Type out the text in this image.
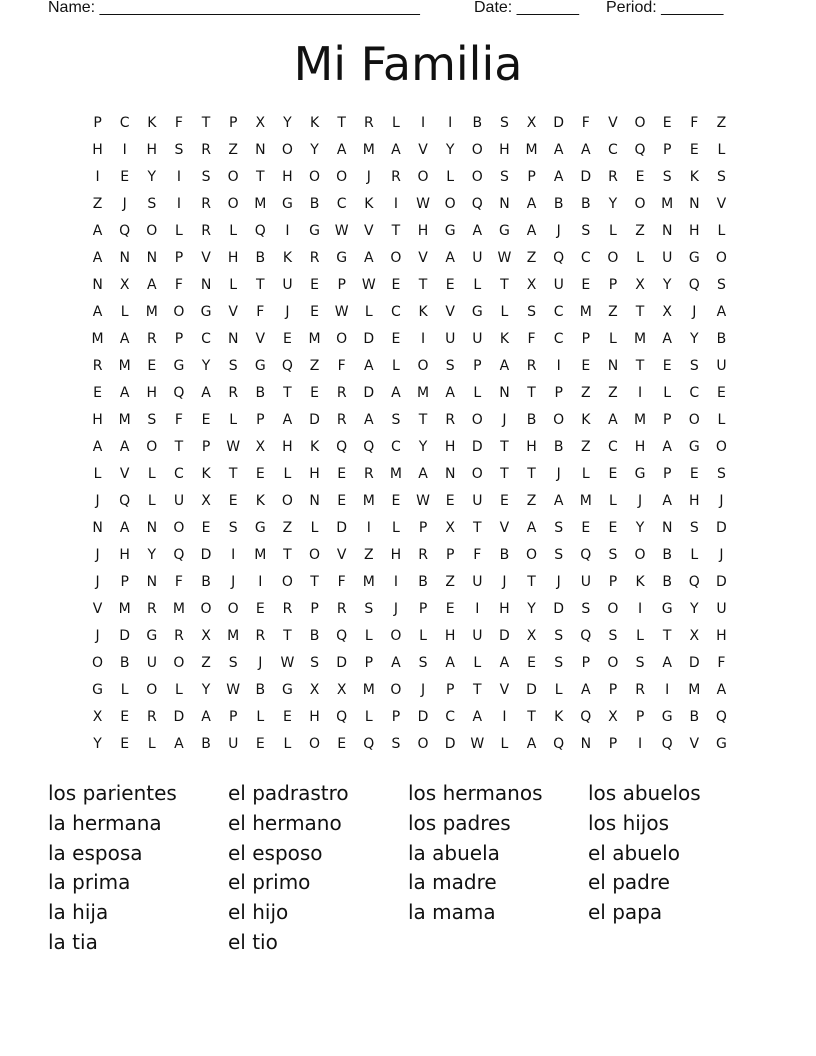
Name: ____________________________________	Date: _______ Period: _______
Mi Familia
P	C	K	F	T	P	X	Y	K	T	R	L	I	I	B	S	X	D	F	V	O	E	F	Z
H	I	H	S	R	Z	N	O	Y	A	M	A	V	Y	O	H	M	A	A	C	Q	P	E	L
I	E	Y	I	S	O	T	H	O	O	J	R	O	L	O	S	P	A	D	R	E	S	K	S
Z	J	S	I	R	O	M	G	B	C	K	I	W	O	Q	N	A	B	B	Y	O	M	N	V
A	Q	O	L	R	L	Q	I	G	W	V	T	H	G	A	G	A	J	S	L	Z	N	H	L
A	N	N	P	V	H	B	K	R	G	A	O	V	A	U	W	Z	Q	C	O	L	U	G	O
N	X	A	F	N	L	T	U	E	P	W	E	T	E	L	T	X	U	E	P	X	Y	Q	S
A	L	M	O	G	V	F	J	E	W	L	C	K	V	G	L	S	C	M	Z	T	X	J	A
M	A	R	P	C	N	V	E	M	O	D	E	I	U	U	K	F	C	P	L	M	A	Y	B
R	M	E	G	Y	S	G	Q	Z	F	A	L	O	S	P	A	R	I	E	N	T	E	S	U
E	A	H	Q	A	R	B	T	E	R	D	A	M	A	L	N	T	P	Z	Z	I	L	C	E
H	M	S	F	E	L	P	A	D	R	A	S	T	R	O	J	B	O	K	A	M	P	O	L
A	A	O	T	P	W	X	H	K	Q	Q	C	Y	H	D	T	H	B	Z	C	H	A	G	O
L	V	L	C	K	T	E	L	H	E	R	M	A	N	O	T	T	J	L	E	G	P	E	S
J	Q	L	U	X	E	K	O	N	E	M	E	W	E	U	E	Z	A	M	L	J	A	H	J
N	A	N	O	E	S	G	Z	L	D	I	L	P	X	T	V	A	S	E	E	Y	N	S	D
J	H	Y	Q	D	I	M	T	O	V	Z	H	R	P	F	B	O	S	Q	S	O	B	L	J
J	P	N	F	B	J	I	O	T	F	M	I	B	Z	U	J	T	J	U	P	K	B	Q	D
V	M	R	M	O	O	E	R	P	R	S	J	P	E	I	H	Y	D	S	O	I	G	Y	U
J	D	G	R	X	M	R	T	B	Q	L	O	L	H	U	D	X	S	Q	S	L	T	X	H
O	B	U	O	Z	S	J	W	S	D	P	A	S	A	L	A	E	S	P	O	S	A	D	F
G	L	O	L	Y	W	B	G	X	X	M	O	J	P	T	V	D	L	A	P	R	I	M	A
X	E	R	D	A	P	L	E	H	Q	L	P	D	C	A	I	T	K	Q	X	P	G	B	Q
Y	E	L	A	B	U	E	L	O	E	Q	S	O	D	W	L	A	Q	N	P	I	Q	V	G
los parientes	el padrastro	los hermanos	los abuelos
la hermana	el hermano	los padres	los hijos
la esposa	el esposo	la abuela	el abuelo
la prima	el primo	la madre	el padre
la hija	el hijo	la mama	el papa
la tia	el tio
